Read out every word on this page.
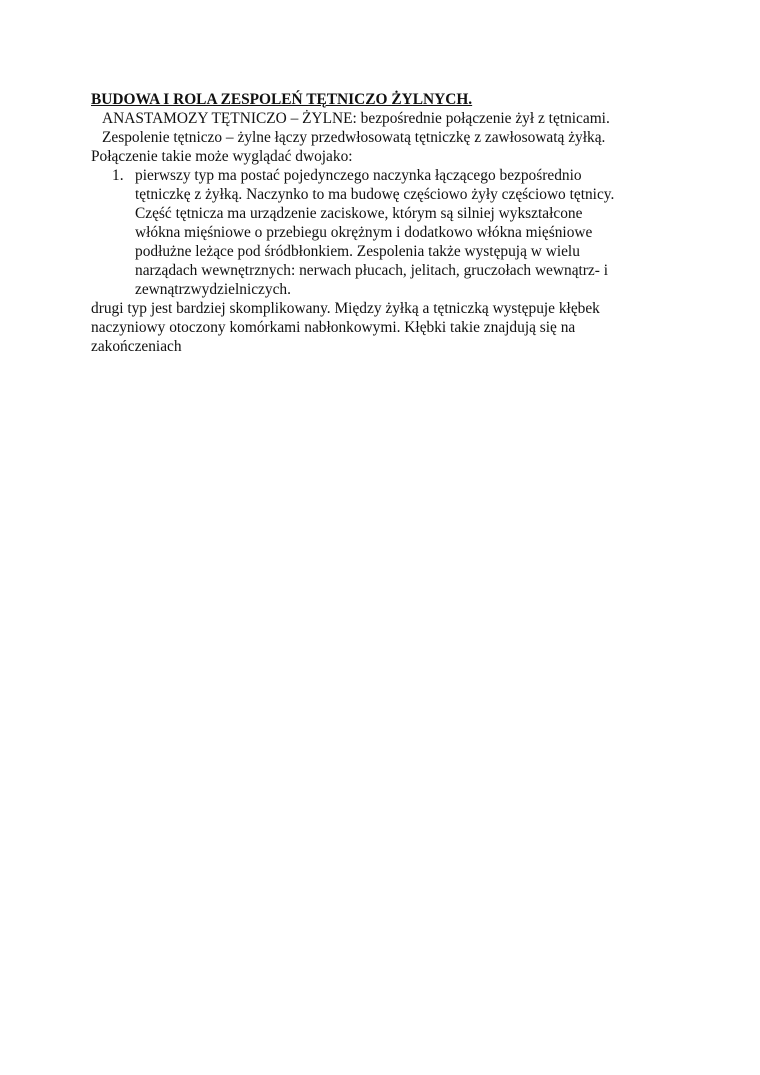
BUDOWA I ROLA ZESPOLEŃ TĘTNICZO ŻYLNYCH.

ANASTAMOZY TĘTNICZO – ŻYLNE: bezpośrednie połączenie żył z tętnicami.

Zespolenie tętniczo – żylne łączy przedwłosowatą tętniczkę z zawłosowatą żyłką.

Połączenie takie może wyglądać dwojako:

1. pierwszy typ ma postać pojedynczego naczynka łączącego bezpośrednio
tętniczkę z żyłką. Naczynko to ma budowę częściowo żyły częściowo tętnicy.
Część tętnicza ma urządzenie zaciskowe, którym są silniej wykształcone
włókna mięśniowe o przebiegu okrężnym i dodatkowo włókna mięśniowe
podłużne leżące pod śródbłonkiem. Zespolenia także występują w wielu
narządach wewnętrznych: nerwach płucach, jelitach, gruczołach wewnątrz- i
zewnątrzwydzielniczych.

drugi typ jest bardziej skomplikowany. Między żyłką a tętniczką występuje kłębek
naczyniowy otoczony komórkami nabłonkowymi. Kłębki takie znajdują się na
zakończeniach
